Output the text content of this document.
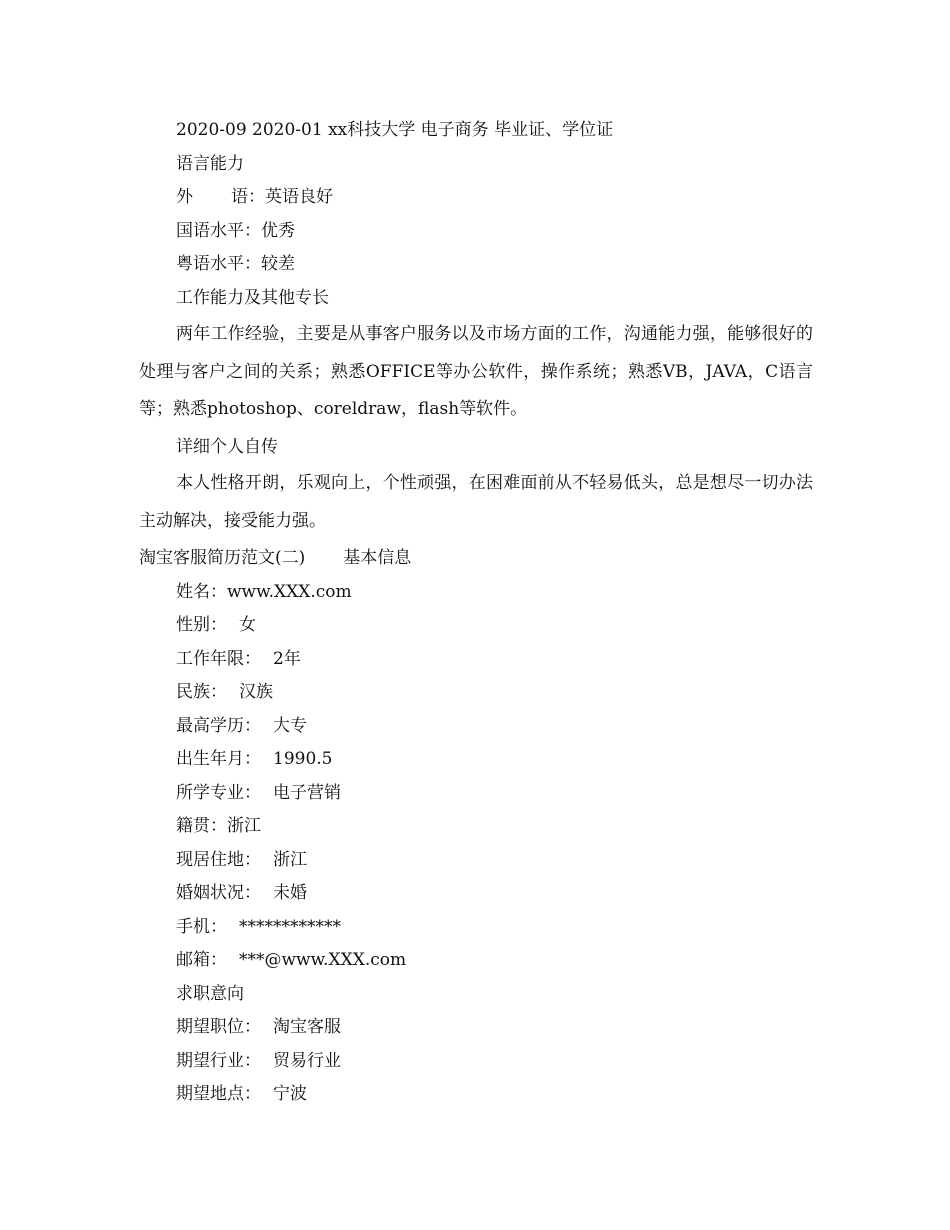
2020-09 2020-01 xx科技大学 电子商务 毕业证、学位证
语言能力
外 语：英语良好
国语水平：优秀
粤语水平：较差
工作能力及其他专长
两年工作经验，主要是从事客户服务以及市场方面的工作，沟通能力强，能够很好的处理与客户之间的关系；熟悉OFFICE等办公软件，操作系统；熟悉VB，JAVA，C语言等；熟悉photoshop、coreldraw，flash等软件。
详细个人自传
本人性格开朗，乐观向上，个性顽强，在困难面前从不轻易低头，总是想尽一切办法主动解决，接受能力强。
淘宝客服简历范文(二) 基本信息
姓名：www.XXX.com
性别： 女
工作年限： 2年
民族： 汉族
最高学历： 大专
出生年月： 1990.5
所学专业： 电子营销
籍贯：浙江
现居住地： 浙江
婚姻状况： 未婚
手机： ************
邮箱： ***@www.XXX.com
求职意向
期望职位： 淘宝客服
期望行业： 贸易行业
期望地点： 宁波
